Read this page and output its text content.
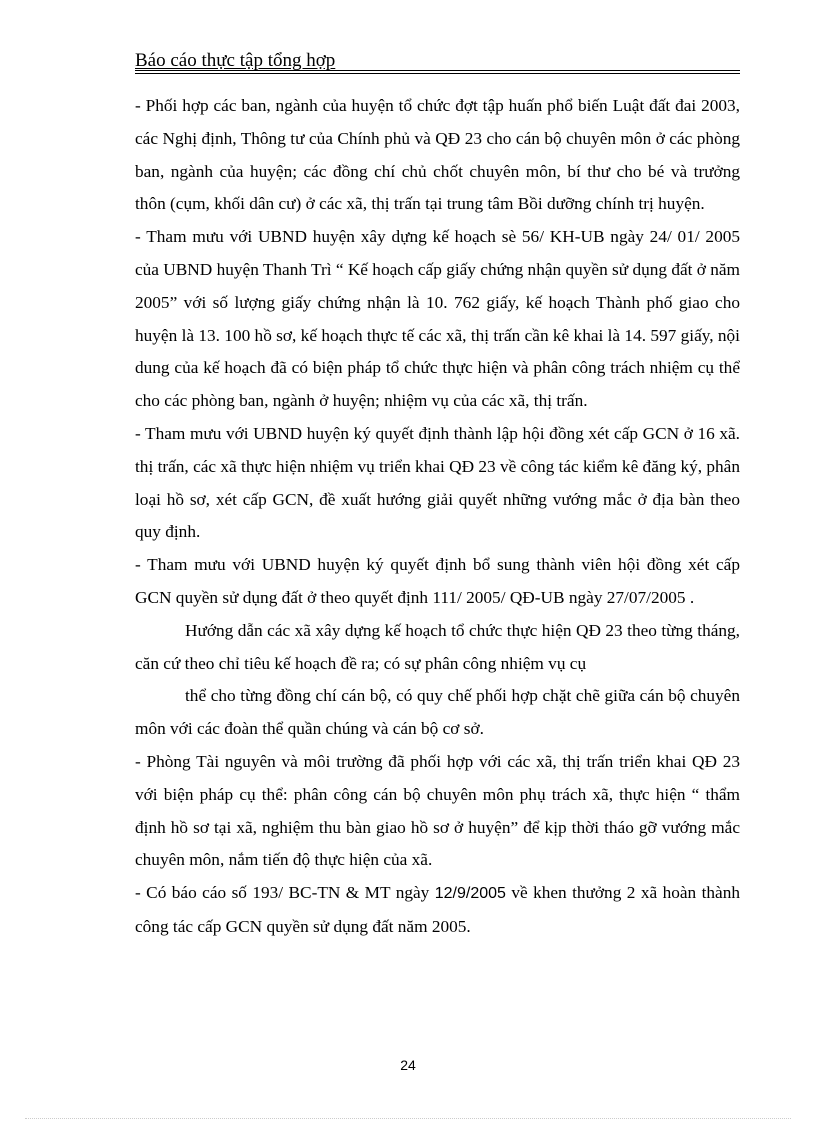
Báo cáo thực tập tổng hợp

- Phối hợp các ban, ngành của huyện tổ chức đợt tập huấn phổ biến Luật đất đai 2003, các Nghị định, Thông tư của Chính phủ và QĐ 23 cho cán bộ chuyên môn ở các phòng ban, ngành của huyện; các đồng chí chủ chốt chuyên môn, bí thư cho bé và trưởng thôn (cụm, khối dân cư) ở các xã, thị trấn tại trung tâm Bồi dưỡng chính trị huyện.

- Tham mưu với UBND huyện xây dựng kế hoạch sè 56/ KH-UB ngày 24/ 01/ 2005 của UBND huyện Thanh Trì “ Kế hoạch cấp giấy chứng nhận quyền sử dụng đất ở năm 2005” với số lượng giấy chứng nhận là 10. 762 giấy, kế hoạch Thành phố giao cho huyện là 13. 100 hồ sơ, kế hoạch thực tế các xã, thị trấn cần kê khai là 14. 597 giấy, nội dung của kế hoạch đã có biện pháp tổ chức thực hiện và phân công trách nhiệm cụ thể cho các phòng ban, ngành ở huyện; nhiệm vụ của các xã, thị trấn.

- Tham mưu với UBND huyện ký quyết định thành lập hội đồng xét cấp GCN ở 16 xã. thị trấn, các xã thực hiện nhiệm vụ triển khai QĐ 23 về công tác kiểm kê đăng ký, phân loại hồ sơ, xét cấp GCN, đề xuất hướng giải quyết những vướng mắc ở địa bàn theo quy định.

- Tham mưu với UBND huyện ký quyết định bổ sung thành viên hội đồng xét cấp GCN quyền sử dụng đất ở theo quyết định 111/ 2005/ QĐ-UB ngày 27/07/2005 .

Hướng dẫn các xã xây dựng kế hoạch tổ chức thực hiện QĐ 23 theo từng tháng, căn cứ theo chỉ tiêu kế hoạch đề ra; có sự phân công nhiệm vụ cụ

thể cho từng đồng chí cán bộ, có quy chế phối hợp chặt chẽ giữa cán bộ chuyên môn với các đoàn thể quần chúng và cán bộ cơ sở.

- Phòng Tài nguyên và môi trường đã phối hợp với các xã, thị trấn triển khai QĐ 23 với biện pháp cụ thể: phân công cán bộ chuyên môn phụ trách xã, thực hiện “ thẩm định hồ sơ tại xã, nghiệm thu bàn giao hồ sơ ở huyện” để kịp thời tháo gỡ vướng mắc chuyên môn, nắm tiến độ thực hiện của xã.

- Có báo cáo số 193/ BC-TN & MT ngày 12/9/2005 về khen thưởng 2 xã hoàn thành công tác cấp GCN quyền sử dụng đất năm 2005.

24
